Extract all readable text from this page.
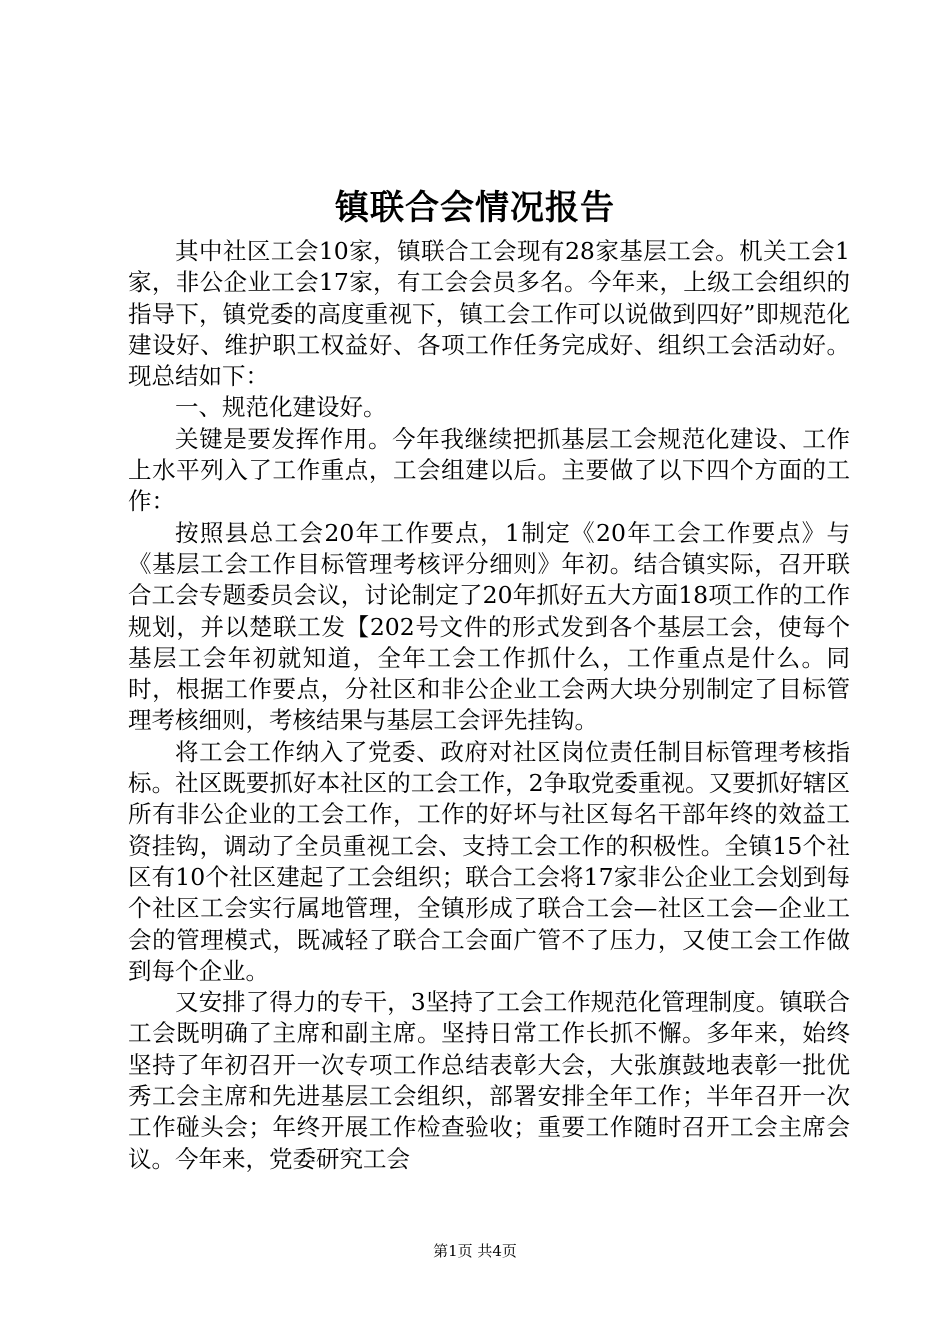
镇联合会情况报告

其中社区工会10家，镇联合工会现有28家基层工会。机关工会1家，非公企业工会17家，有工会会员多名。今年来，上级工会组织的指导下，镇党委的高度重视下，镇工会工作可以说做到四好”即规范化建设好、维护职工权益好、各项工作任务完成好、组织工会活动好。现总结如下：

一、规范化建设好。

关键是要发挥作用。今年我继续把抓基层工会规范化建设、工作上水平列入了工作重点，工会组建以后。主要做了以下四个方面的工作：

按照县总工会20年工作要点，1制定《20年工会工作要点》与《基层工会工作目标管理考核评分细则》年初。结合镇实际，召开联合工会专题委员会议，讨论制定了20年抓好五大方面18项工作的工作规划，并以楚联工发【202号文件的形式发到各个基层工会，使每个基层工会年初就知道，全年工会工作抓什么，工作重点是什么。同时，根据工作要点，分社区和非公企业工会两大块分别制定了目标管理考核细则，考核结果与基层工会评先挂钩。

将工会工作纳入了党委、政府对社区岗位责任制目标管理考核指标。社区既要抓好本社区的工会工作，2争取党委重视。又要抓好辖区所有非公企业的工会工作，工作的好坏与社区每名干部年终的效益工资挂钩，调动了全员重视工会、支持工会工作的积极性。全镇15个社区有10个社区建起了工会组织；联合工会将17家非公企业工会划到每个社区工会实行属地管理，全镇形成了联合工会—社区工会—企业工会的管理模式，既减轻了联合工会面广管不了压力，又使工会工作做到每个企业。

又安排了得力的专干，3坚持了工会工作规范化管理制度。镇联合工会既明确了主席和副主席。坚持日常工作长抓不懈。多年来，始终坚持了年初召开一次专项工作总结表彰大会，大张旗鼓地表彰一批优秀工会主席和先进基层工会组织，部署安排全年工作；半年召开一次工作碰头会；年终开展工作检查验收；重要工作随时召开工会主席会议。今年来，党委研究工会

第1页 共4页
